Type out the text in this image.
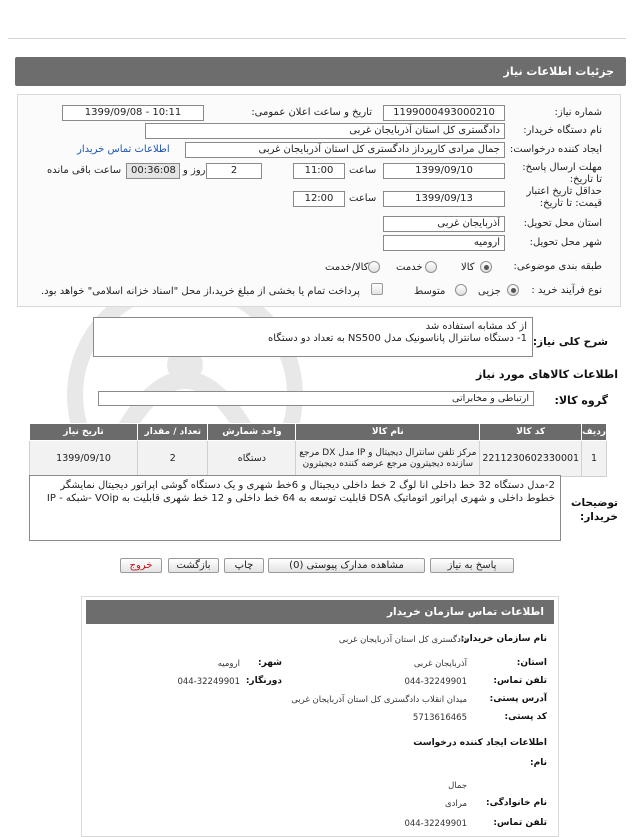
جزئیات اطلاعات نیاز
شماره نیاز:
1199000493000210
تاریخ و ساعت اعلان عمومی:
1399/09/08 - 10:11
نام دستگاه خریدار:
دادگستری کل استان آذربایجان غربی
ایجاد کننده درخواست:
جمال مرادی کارپرداز دادگستری کل استان آذربایجان غربی
اطلاعات تماس خریدار
مهلت ارسال پاسخ: تا تاریخ:
1399/09/10
ساعت
11:00
2
روز و
00:36:08
ساعت باقی مانده
حداقل تاریخ اعتبار قیمت: تا تاریخ:
1399/09/13
ساعت
12:00
استان محل تحویل:
آذربایجان غربی
شهر محل تحویل:
ارومیه
طبقه بندی موضوعی:
کالا
خدمت
کالا/خدمت
نوع فرآیند خرید :
جزیی
متوسط
پرداخت تمام یا بخشی از مبلغ خرید،از محل "اسناد خزانه اسلامی" خواهد بود.
شرح کلی نیاز:
از کد مشابه استفاده شد
1- دستگاه سانترال پاناسونیک مدل NS500 به تعداد دو دستگاه
اطلاعات کالاهای مورد نیاز
گروه کالا:
ارتباطی و مخابراتی
ردیف	کد کالا	نام کالا	واحد شمارش	تعداد / مقدار	تاریخ نیاز
1	2211230602330001	مرکز تلفن سانترال دیجیتال و IP مدل DX مرجع سازنده دیجیترون مرجع عرضه کننده دیجیترون	دستگاه	2	1399/09/10
توضیحات خریدار:
2-مدل دستگاه 32 خط داخلی انا لوگ 2 خط داخلی دیجیتال و 6خط شهری و یک دستگاه گوشی اپراتور دیجیتال نمایشگر خطوط داخلی و شهری اپراتور اتوماتیک DSA قابلیت توسعه به 64 خط داخلی و 12 خط شهری قابلیت به VOip -شبکه - IP
پاسخ به نیاز
مشاهده مدارک پیوستی (0)
چاپ
بازگشت
خروج
اطلاعات تماس سازمان خریدار
نام سازمان خریدار:
دادگستری کل استان آذربایجان غربی
استان:
آذربایجان غربی
شهر:
ارومیه
تلفن تماس:
044-32249901
دورنگار:
044-32249901
آدرس پستی:
میدان انقلاب دادگستری کل استان آذربایجان غربی
کد پستی:
5713616465
اطلاعات ایجاد کننده درخواست
نام:
جمال
نام خانوادگی:
مرادی
تلفن تماس:
044-32249901
